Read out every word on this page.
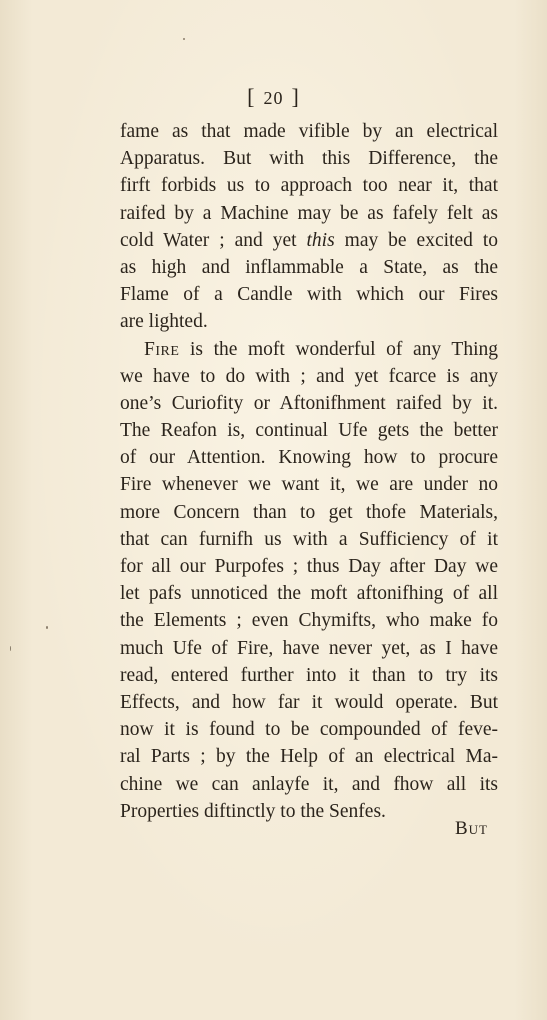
[ 20 ]
fame as that made vifible by an electrical
Apparatus. But with this Difference, the
firft forbids us to approach too near it, that
raifed by a Machine may be as fafely felt as
cold Water ; and yet this may be excited to
as high and inflammable a State, as the
Flame of a Candle with which our Fires
are lighted.
Fire is the moft wonderful of any Thing
we have to do with ; and yet fcarce is any
one’s Curiofity or Aftonifhment raifed by it.
The Reafon is, continual Ufe gets the better
of our Attention. Knowing how to procure
Fire whenever we want it, we are under no
more Concern than to get thofe Materials,
that can furnifh us with a Sufficiency of it
for all our Purpofes ; thus Day after Day we
let pafs unnoticed the moft aftonifhing of all
the Elements ; even Chymifts, who make fo
much Ufe of Fire, have never yet, as I have
read, entered further into it than to try its
Effects, and how far it would operate. But
now it is found to be compounded of feve-
ral Parts ; by the Help of an electrical Ma-
chine we can anlayfe it, and fhow all its
Properties diftinctly to the Senfes.
But
